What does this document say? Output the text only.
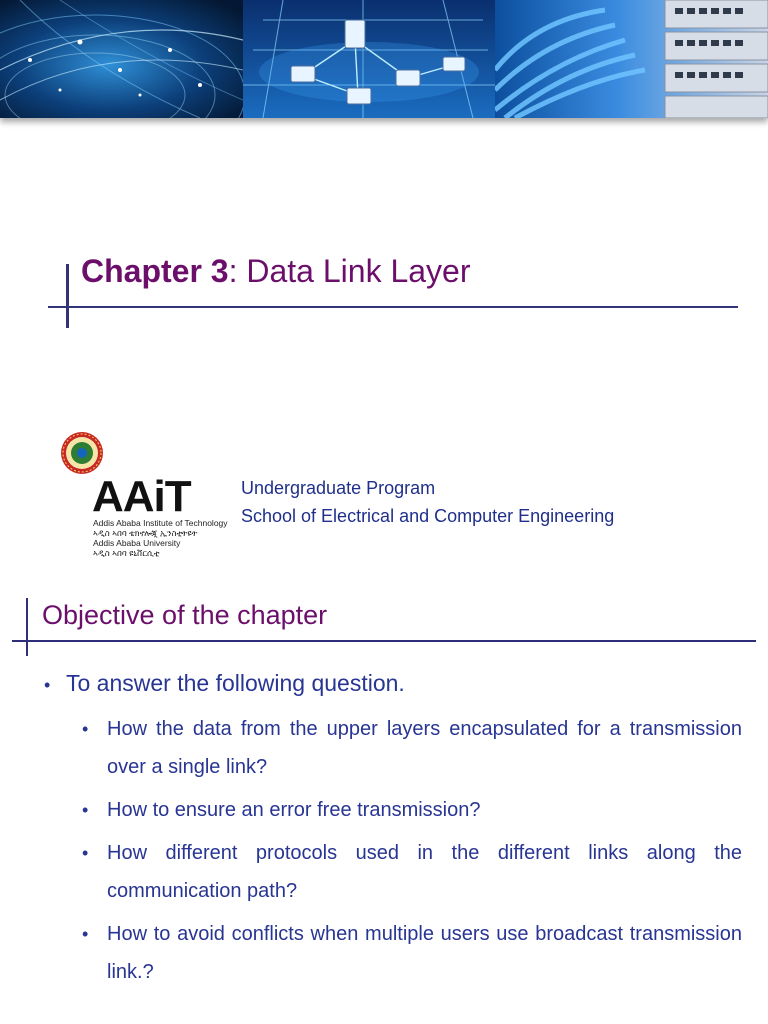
Chapter 3: Data Link Layer
AAiT
Addis Ababa Institute of Technology
ኣዲስ ኣበባ ቴክኖሎጂ ኢንስቲትዩት
Addis Ababa University
ኣዲስ ኣበባ ዩኒቨርሲቲ
Undergraduate Program
School of Electrical and Computer Engineering
Objective of the chapter
• To answer the following question.
• How the data from the upper layers encapsulated for a transmission over a single link?
• How to ensure an error free transmission?
• How different protocols used in the different links along the communication path?
• How to avoid conflicts when multiple users use broadcast transmission link.?
